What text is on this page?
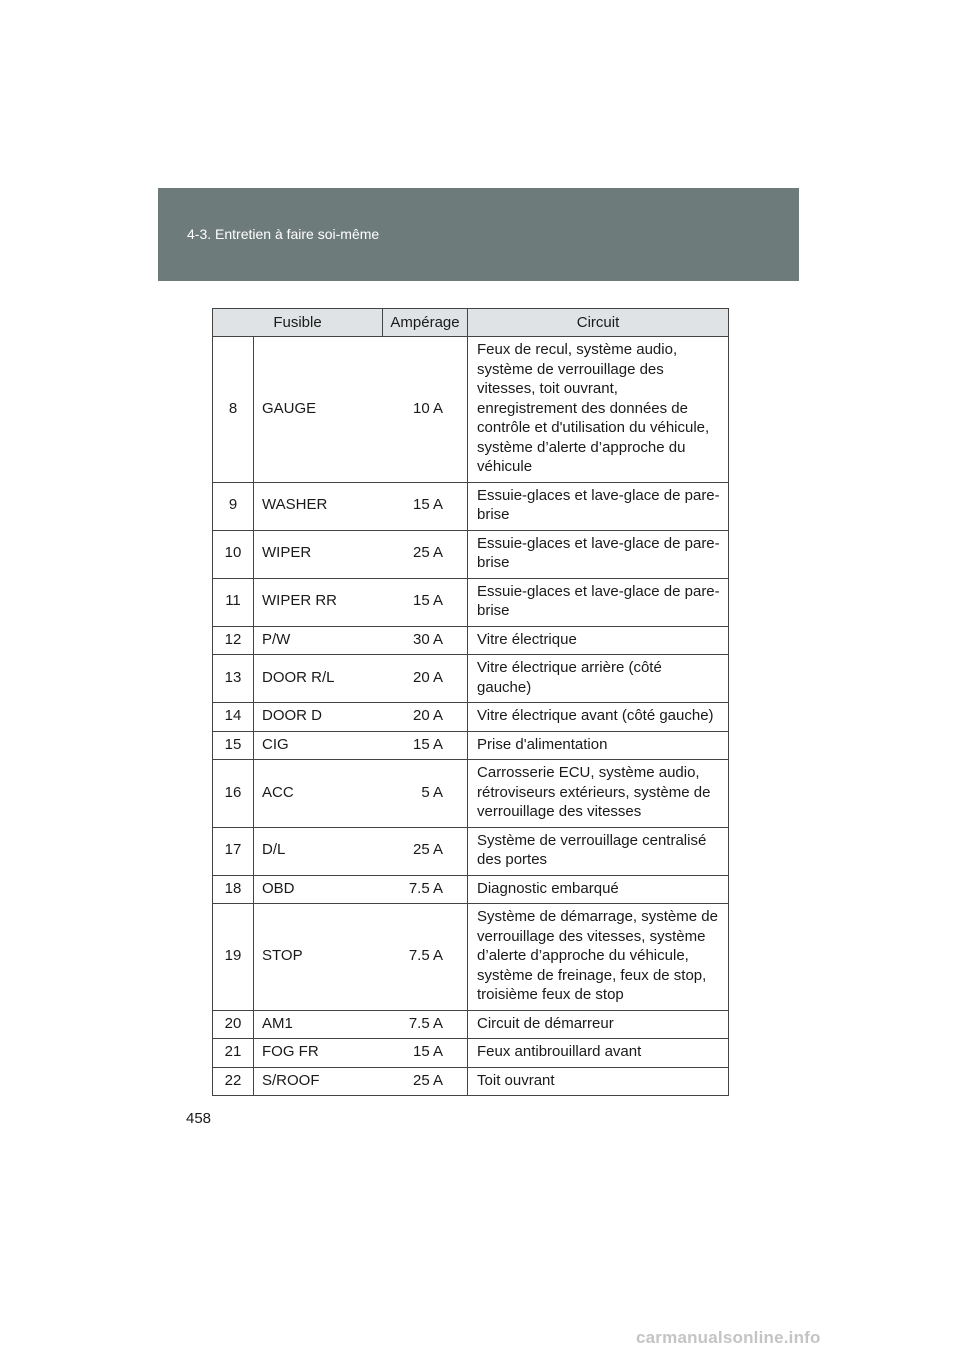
4-3. Entretien à faire soi-même
Fusible		Ampérage	Circuit
8	GAUGE	10 A	Feux de recul, système audio, système de verrouillage des vitesses, toit ouvrant, enregistrement des données de contrôle et d'utilisation du véhicule, système d’alerte d’approche du véhicule
9	WASHER	15 A	Essuie-glaces et lave-glace de pare-brise
10	WIPER	25 A	Essuie-glaces et lave-glace de pare-brise
11	WIPER RR	15 A	Essuie-glaces et lave-glace de pare-brise
12	P/W	30 A	Vitre électrique
13	DOOR R/L	20 A	Vitre électrique arrière (côté gauche)
14	DOOR D	20 A	Vitre électrique avant (côté gauche)
15	CIG	15 A	Prise d'alimentation
16	ACC	5 A	Carrosserie ECU, système audio, rétroviseurs extérieurs, système de verrouillage des vitesses
17	D/L	25 A	Système de verrouillage centralisé des portes
18	OBD	7.5 A	Diagnostic embarqué
19	STOP	7.5 A	Système de démarrage, système de verrouillage des vitesses, système d’alerte d’approche du véhicule, système de freinage, feux de stop, troisième feux de stop
20	AM1	7.5 A	Circuit de démarreur
21	FOG FR	15 A	Feux antibrouillard avant
22	S/ROOF	25 A	Toit ouvrant
458
carmanualsonline.info
